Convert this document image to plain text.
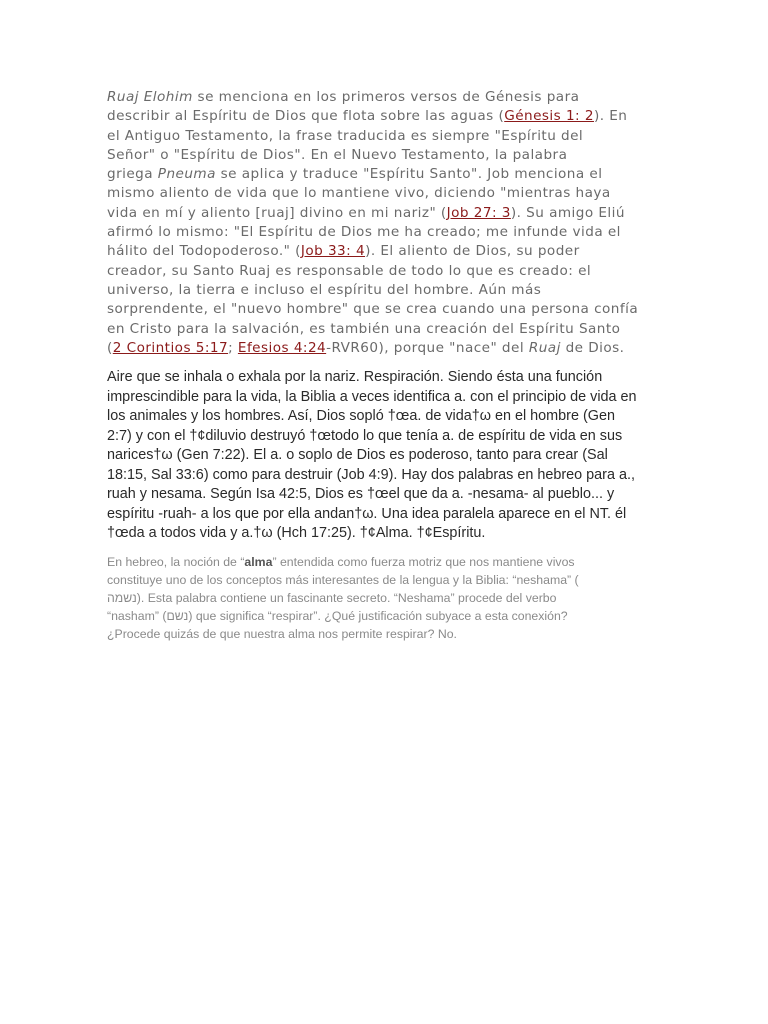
Ruaj Elohim se menciona en los primeros versos de Génesis para
describir al Espíritu de Dios que flota sobre las aguas (Génesis 1: 2). En
el Antiguo Testamento, la frase traducida es siempre "Espíritu del
Señor" o "Espíritu de Dios". En el Nuevo Testamento, la palabra
griega Pneuma se aplica y traduce "Espíritu Santo". Job menciona el
mismo aliento de vida que lo mantiene vivo, diciendo "mientras haya
vida en mí y aliento [ruaj] divino en mi nariz" (Job 27: 3). Su amigo Eliú
afirmó lo mismo: "El Espíritu de Dios me ha creado; me infunde vida el
hálito del Todopoderoso." (Job 33: 4). El aliento de Dios, su poder
creador, su Santo Ruaj es responsable de todo lo que es creado: el
universo, la tierra e incluso el espíritu del hombre. Aún más
sorprendente, el "nuevo hombre" que se crea cuando una persona confía
en Cristo para la salvación, es también una creación del Espíritu Santo
(2 Corintios 5:17; Efesios 4:24-RVR60), porque "nace" del Ruaj de Dios.

Aire que se inhala o exhala por la nariz. Respiración. Siendo ésta una función
imprescindible para la vida, la Biblia a veces identifica a. con el principio de vida en
los animales y los hombres. Así, Dios sopló †œa. de vida†ω en el hombre (Gen
2:7) y con el †¢diluvio destruyó †œtodo lo que tenía a. de espíritu de vida en sus
narices†ω (Gen 7:22). El a. o soplo de Dios es poderoso, tanto para crear (Sal
18:15, Sal 33:6) como para destruir (Job 4:9). Hay dos palabras en hebreo para a.,
ruah y nesama. Según Isa 42:5, Dios es †œel que da a. -nesama- al pueblo... y
espíritu -ruah- a los que por ella andan†ω. Una idea paralela aparece en el NT. él
†œda a todos vida y a.†ω (Hch 17:25). †¢Alma. †¢Espíritu.

En hebreo, la noción de “alma” entendida como fuerza motriz que nos mantiene vivos
constituye uno de los conceptos más interesantes de la lengua y la Biblia: “neshama” (
נשמה). Esta palabra contiene un fascinante secreto. “Neshama” procede del verbo
“nasham” (נשם) que significa “respirar”. ¿Qué justificación subyace a esta conexión?
¿Procede quizás de que nuestra alma nos permite respirar? No.
